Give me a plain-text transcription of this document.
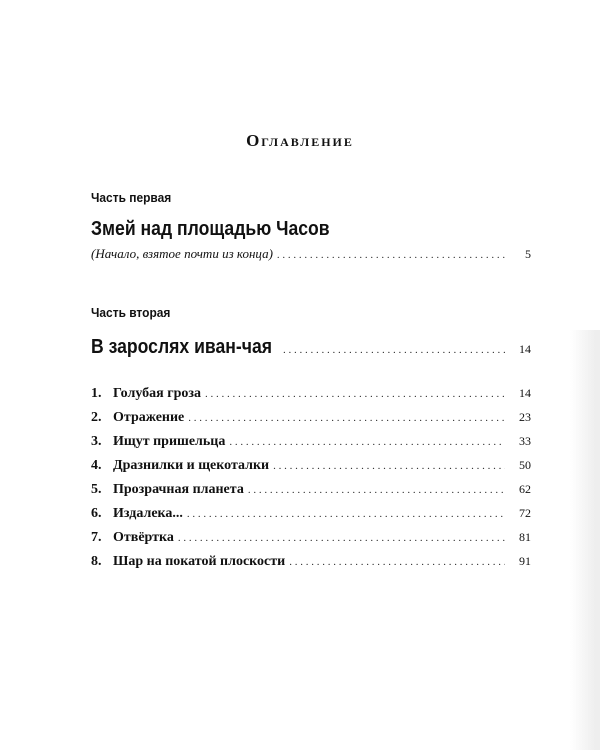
Оглавление
Часть первая
Змей над площадью Часов
(Начало, взятое почти из конца) . . .	5
Часть вторая
В зарослях иван-чая . . .	14
1. Голубая гроза . . .	14
2. Отражение . . .	23
3. Ищут пришельца . . .	33
4. Дразнилки и щекоталки . . .	50
5. Прозрачная планета . . .	62
6. Издалека... . . .	72
7. Отвёртка . . .	81
8. Шар на покатой плоскости . . .	91
